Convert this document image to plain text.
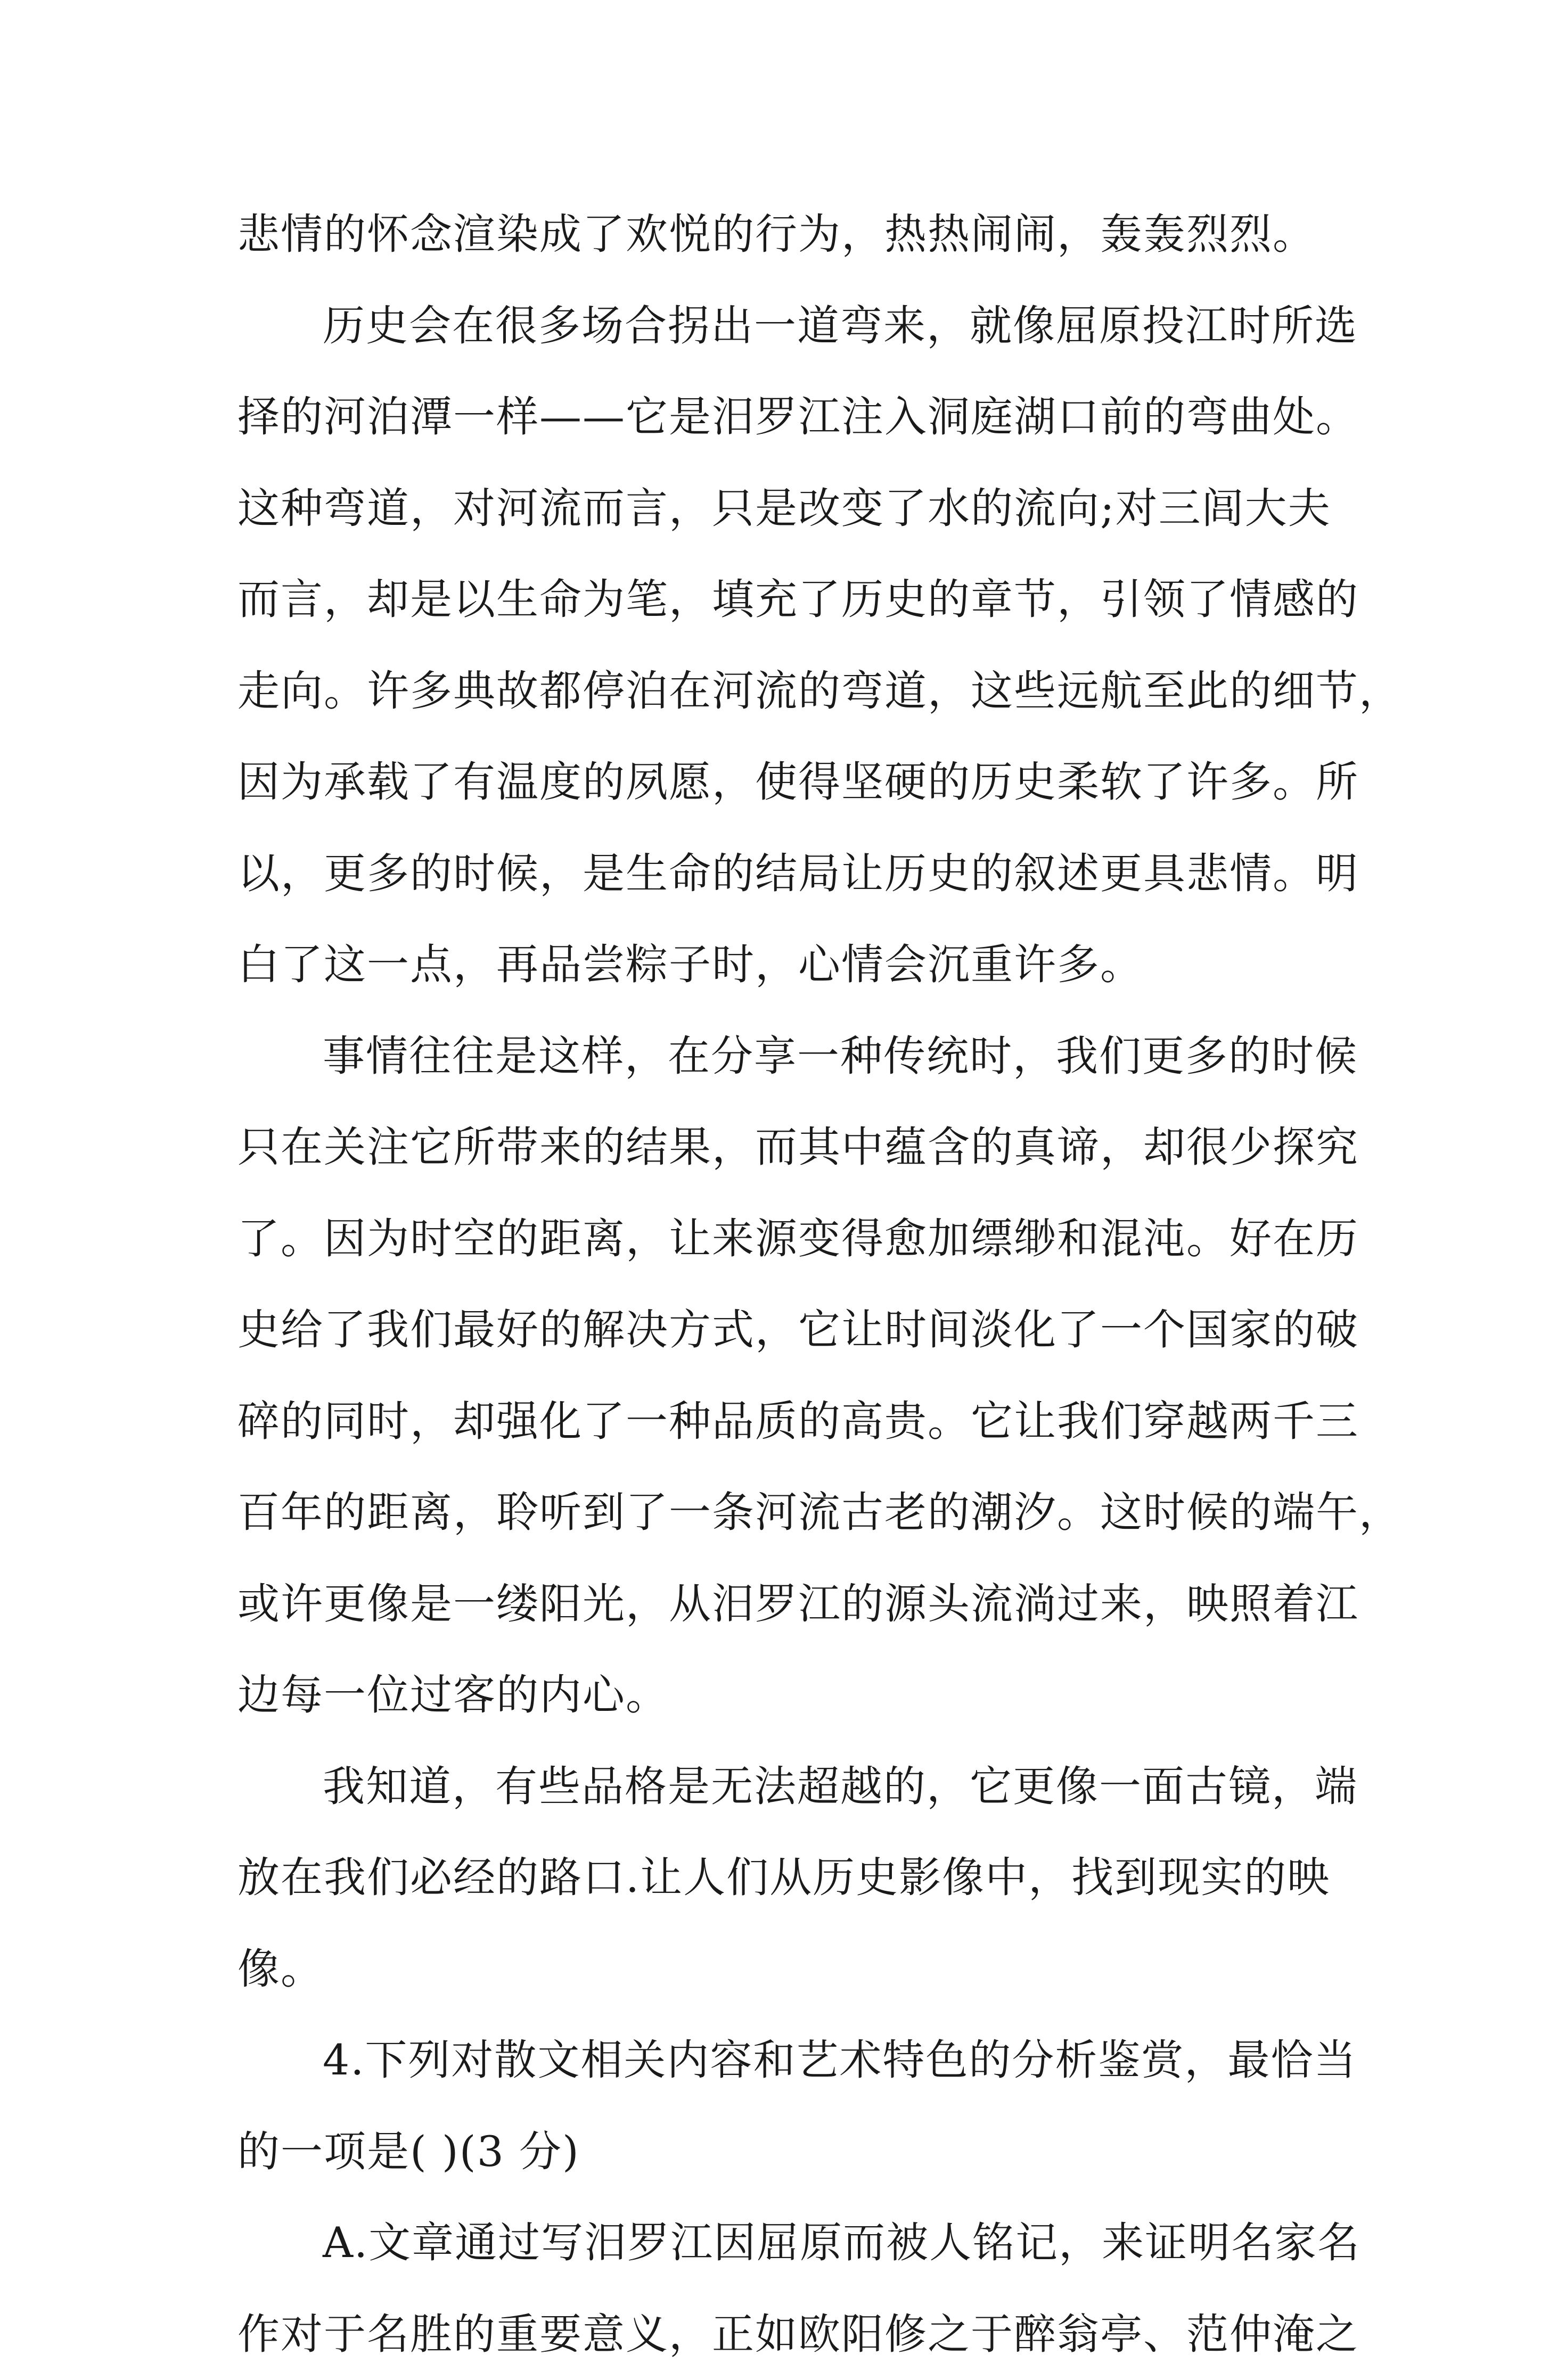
悲情的怀念渲染成了欢悦的行为，热热闹闹，轰轰烈烈。
历史会在很多场合拐出一道弯来，就像屈原投江时所选
择的河泊潭一样——它是汨罗江注入洞庭湖口前的弯曲处。
这种弯道，对河流而言，只是改变了水的流向;对三闾大夫
而言，却是以生命为笔，填充了历史的章节，引领了情感的
走向。许多典故都停泊在河流的弯道，这些远航至此的细节，
因为承载了有温度的夙愿，使得坚硬的历史柔软了许多。所
以，更多的时候，是生命的结局让历史的叙述更具悲情。明
白了这一点，再品尝粽子时，心情会沉重许多。
事情往往是这样，在分享一种传统时，我们更多的时候
只在关注它所带来的结果，而其中蕴含的真谛，却很少探究
了。因为时空的距离，让来源变得愈加缥缈和混沌。好在历
史给了我们最好的解决方式，它让时间淡化了一个国家的破
碎的同时，却强化了一种品质的高贵。它让我们穿越两千三
百年的距离，聆听到了一条河流古老的潮汐。这时候的端午，
或许更像是一缕阳光，从汨罗江的源头流淌过来，映照着江
边每一位过客的内心。
我知道，有些品格是无法超越的，它更像一面古镜，端
放在我们必经的路口.让人们从历史影像中，找到现实的映
像。
4.下列对散文相关内容和艺术特色的分析鉴赏，最恰当
的一项是( )(3 分)
A.文章通过写汨罗江因屈原而被人铭记，来证明名家名
作对于名胜的重要意义，正如欧阳修之于醉翁亭、范仲淹之
